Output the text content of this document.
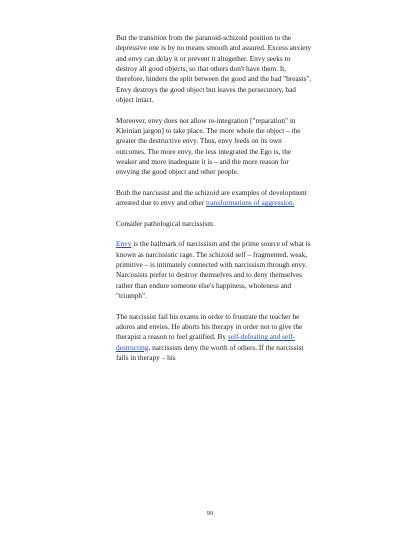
But the transition from the paranoid-schizoid position to the depressive one is by no means smooth and assured. Excess anxiety and envy can delay it or prevent it altogether. Envy seeks to destroy all good objects, so that others don't have them. It, therefore, hinders the split between the good and the bad "breasts". Envy destroys the good object but leaves the persecutory, bad object intact.

Moreover, envy does not allow re-integration ["reparation" in Kleinian jargon] to take place. The more whole the object – the greater the destructive envy. Thus, envy feeds on its own outcomes. The more envy, the less integrated the Ego is, the weaker and more inadequate it is – and the more reason for envying the good object and other people.

Both the narcissist and the schizoid are examples of development arrested due to envy and other transformations of aggression.

Consider pathological narcissism.

Envy is the hallmark of narcissism and the prime source of what is known as narcissistic rage. The schizoid self – fragmented, weak, primitive – is intimately connected with narcissism through envy. Narcissists prefer to destroy themselves and to deny themselves rather than endure someone else's happiness, wholeness and "triumph".

The narcissist fail his exams in order to frustrate the teacher he adores and envies. He aborts his therapy in order not to give the therapist a reason to feel gratified. By self-defeating and self-destructing, narcissists deny the worth of others. If the narcissist fails in therapy – his

99
